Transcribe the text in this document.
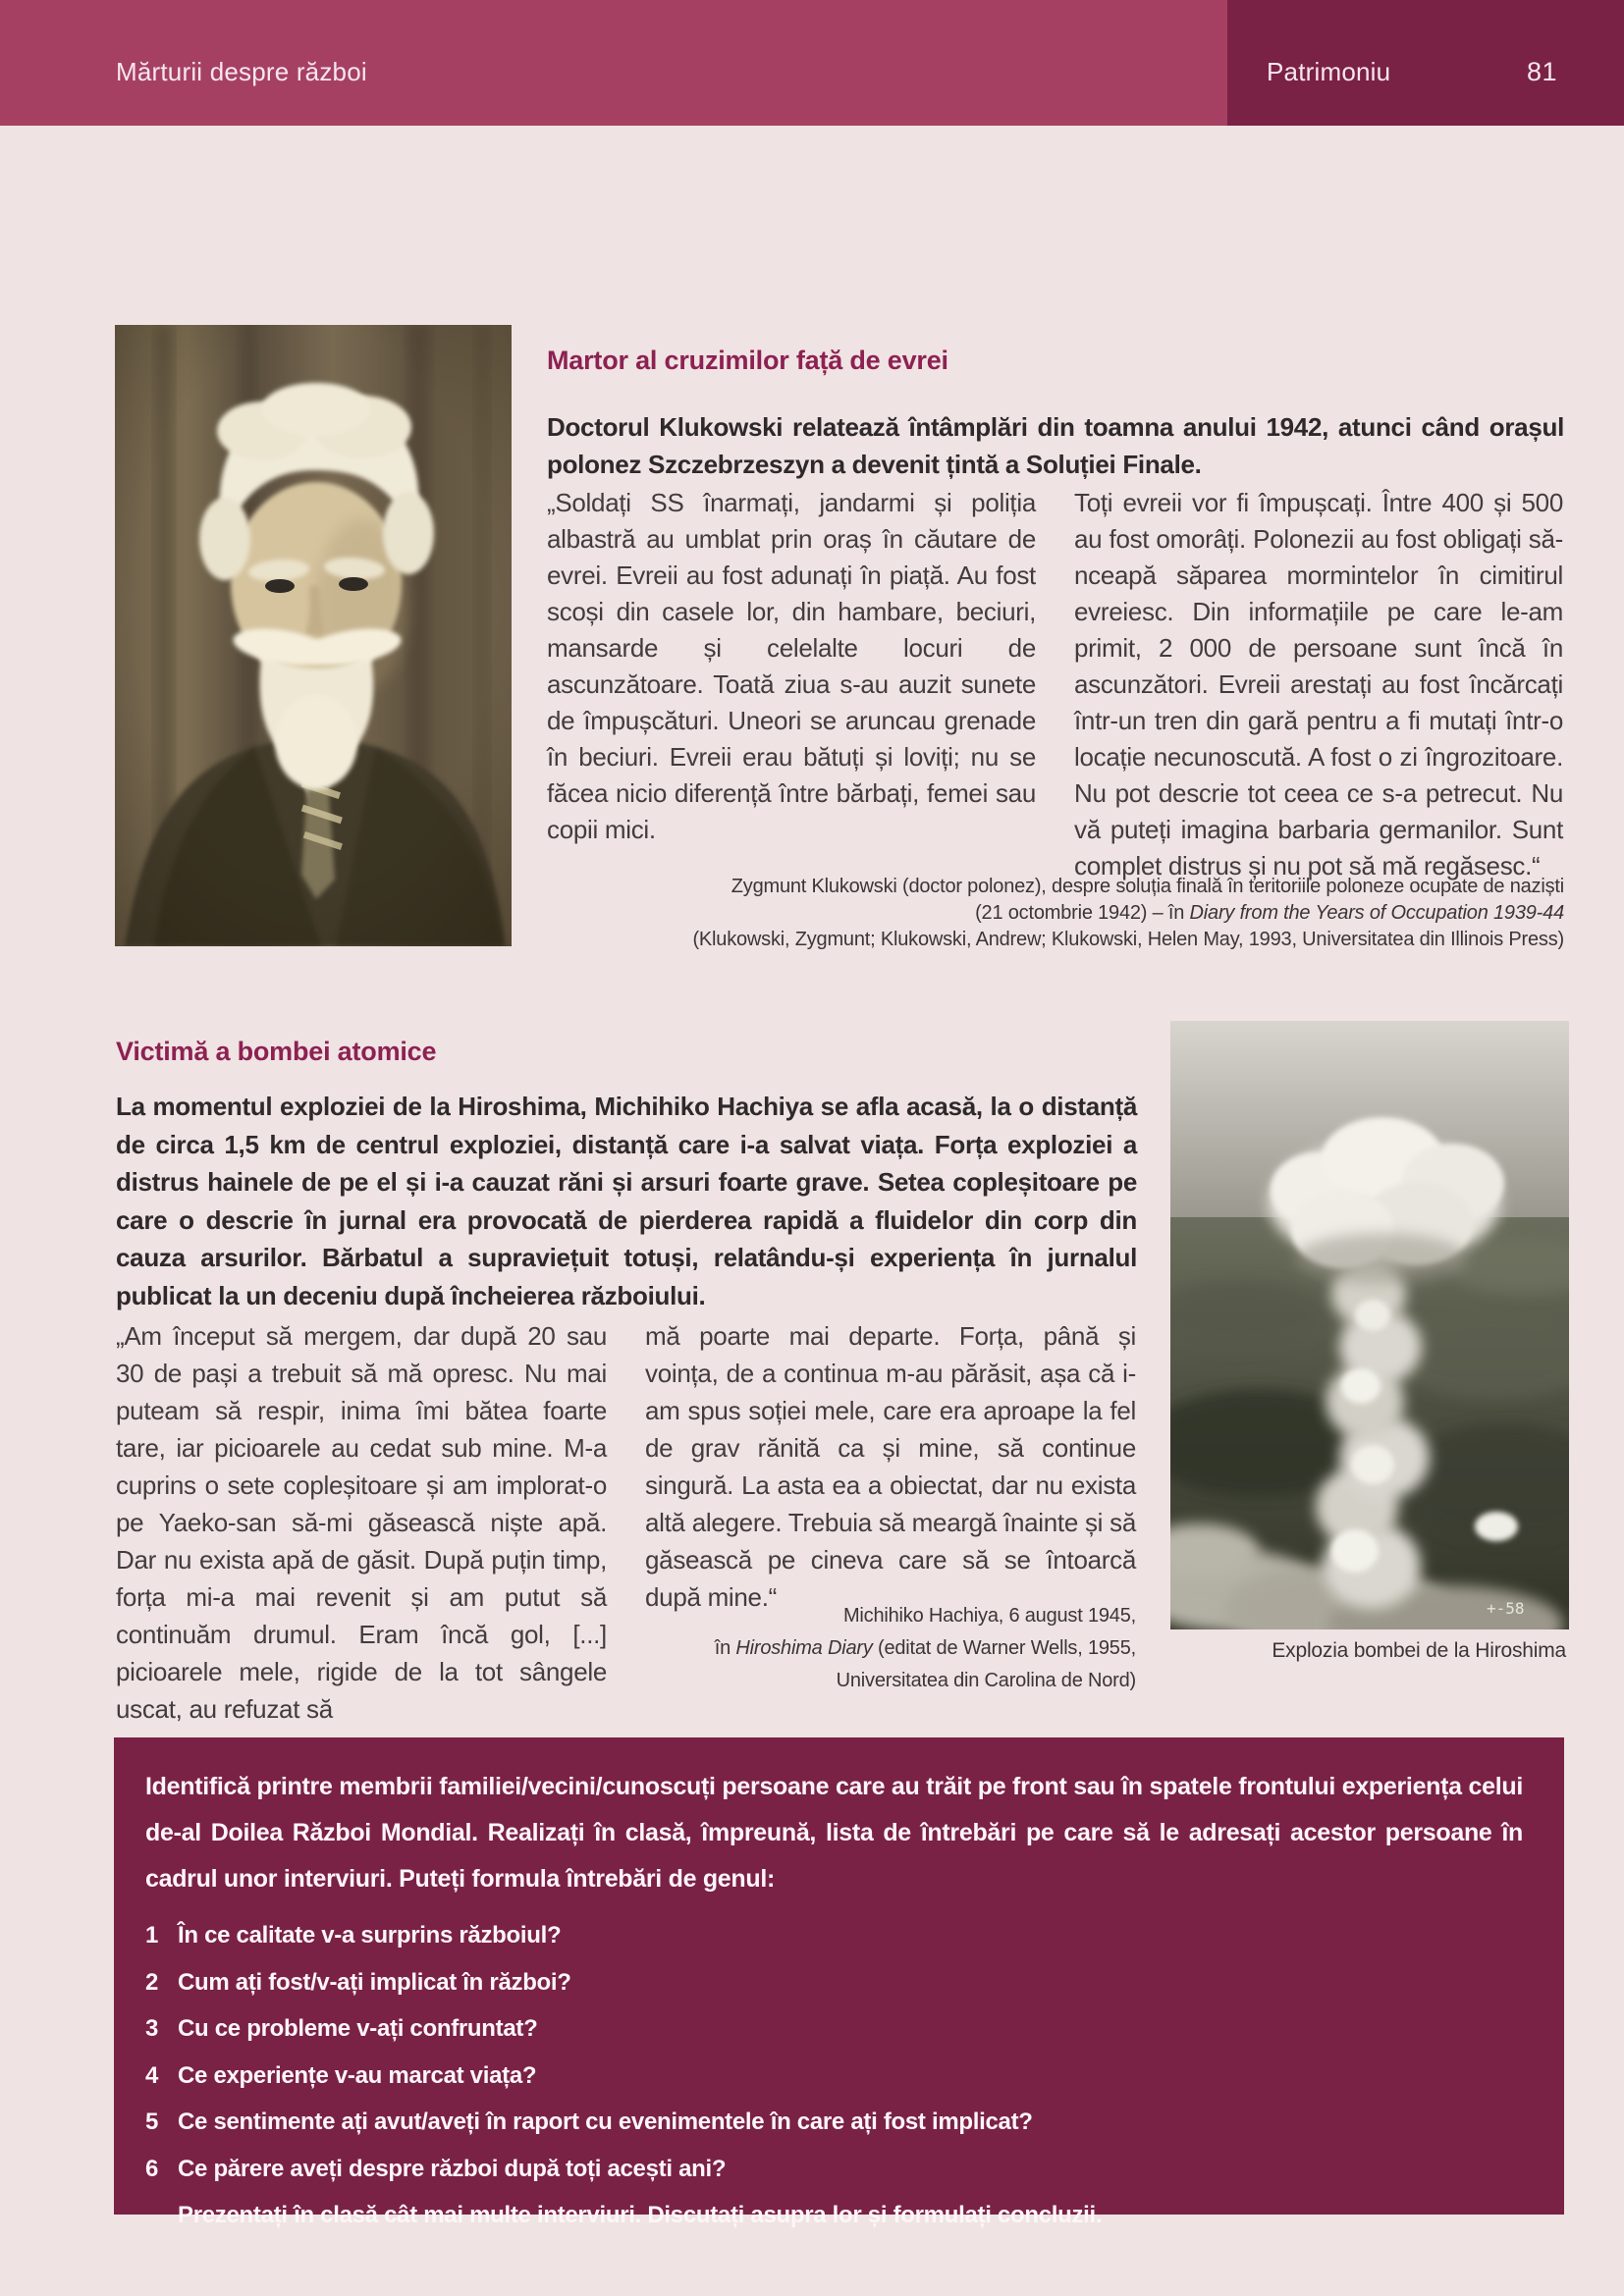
Mărturii despre război	Patrimoniu	81
Martor al cruzimilor față de evrei
Doctorul Klukowski relatează întâmplări din toamna anului 1942, atunci când orașul polonez Szczebrzeszyn a devenit țintă a Soluției Finale.
„Soldați SS înarmați, jandarmi și poliția albastră au umblat prin oraș în căutare de evrei. Evreii au fost adunați în piață. Au fost scoși din casele lor, din hambare, beciuri, mansarde și celelalte locuri de ascunzătoare. Toată ziua s-au auzit sunete de împușcături. Uneori se aruncau grenade în beciuri. Evreii erau bătuți și loviți; nu se făcea nicio diferență între bărbați, femei sau copii mici.
Toți evreii vor fi împușcați. Între 400 și 500 au fost omorâți. Polonezii au fost obligați să-nceapă săparea mormintelor în cimitirul evreiesc. Din informațiile pe care le-am primit, 2 000 de persoane sunt încă în ascunzători. Evreii arestați au fost încărcați într-un tren din gară pentru a fi mutați într-o locație necunoscută. A fost o zi îngrozitoare. Nu pot descrie tot ceea ce s-a petrecut. Nu vă puteți imagina barbaria germanilor. Sunt complet distrus și nu pot să mă regăsesc.“
Zygmunt Klukowski (doctor polonez), despre soluția finală în teritoriile poloneze ocupate de naziști
(21 octombrie 1942) – în Diary from the Years of Occupation 1939-44
(Klukowski, Zygmunt; Klukowski, Andrew; Klukowski, Helen May, 1993, Universitatea din Illinois Press)
Victimă a bombei atomice
La momentul exploziei de la Hiroshima, Michihiko Hachiya se afla acasă, la o distanță de circa 1,5 km de centrul exploziei, distanță care i-a salvat viața. Forța exploziei a distrus hainele de pe el și i-a cauzat răni și arsuri foarte grave. Setea copleșitoare pe care o descrie în jurnal era provocată de pierderea rapidă a fluidelor din corp din cauza arsurilor. Bărbatul a supraviețuit totuși, relatându-și experiența în jurnalul publicat la un deceniu după încheierea războiului.
„Am început să mergem, dar după 20 sau 30 de pași a trebuit să mă opresc. Nu mai puteam să respir, inima îmi bătea foarte tare, iar picioarele au cedat sub mine. M-a cuprins o sete copleșitoare și am implorat-o pe Yaeko-san să-mi găsească niște apă. Dar nu exista apă de găsit. După puțin timp, forța mi-a mai revenit și am putut să continuăm drumul. Eram încă gol, [...] picioarele mele, rigide de la tot sângele uscat, au refuzat să
mă poarte mai departe. Forța, până și voința, de a continua m-au părăsit, așa că i-am spus soției mele, care era aproape la fel de grav rănită ca și mine, să continue singură. La asta ea a obiectat, dar nu exista altă alegere. Trebuia să meargă înainte și să găsească pe cineva care să se întoarcă după mine.“
Michihiko Hachiya, 6 august 1945,
în Hiroshima Diary (editat de Warner Wells, 1955,
Universitatea din Carolina de Nord)
+-58
Explozia bombei de la Hiroshima
Identifică printre membrii familiei/vecini/cunoscuți persoane care au trăit pe front sau în spatele frontului experiența celui de-al Doilea Război Mondial. Realizați în clasă, împreună, lista de întrebări pe care să le adresați acestor persoane în cadrul unor interviuri. Puteți formula întrebări de genul:
1 În ce calitate v-a surprins războiul?
2 Cum ați fost/v-ați implicat în război?
3 Cu ce probleme v-ați confruntat?
4 Ce experiențe v-au marcat viața?
5 Ce sentimente ați avut/aveți în raport cu evenimentele în care ați fost implicat?
6 Ce părere aveți despre război după toți acești ani?
Prezentați în clasă cât mai multe interviuri. Discutați asupra lor și formulați concluzii.
